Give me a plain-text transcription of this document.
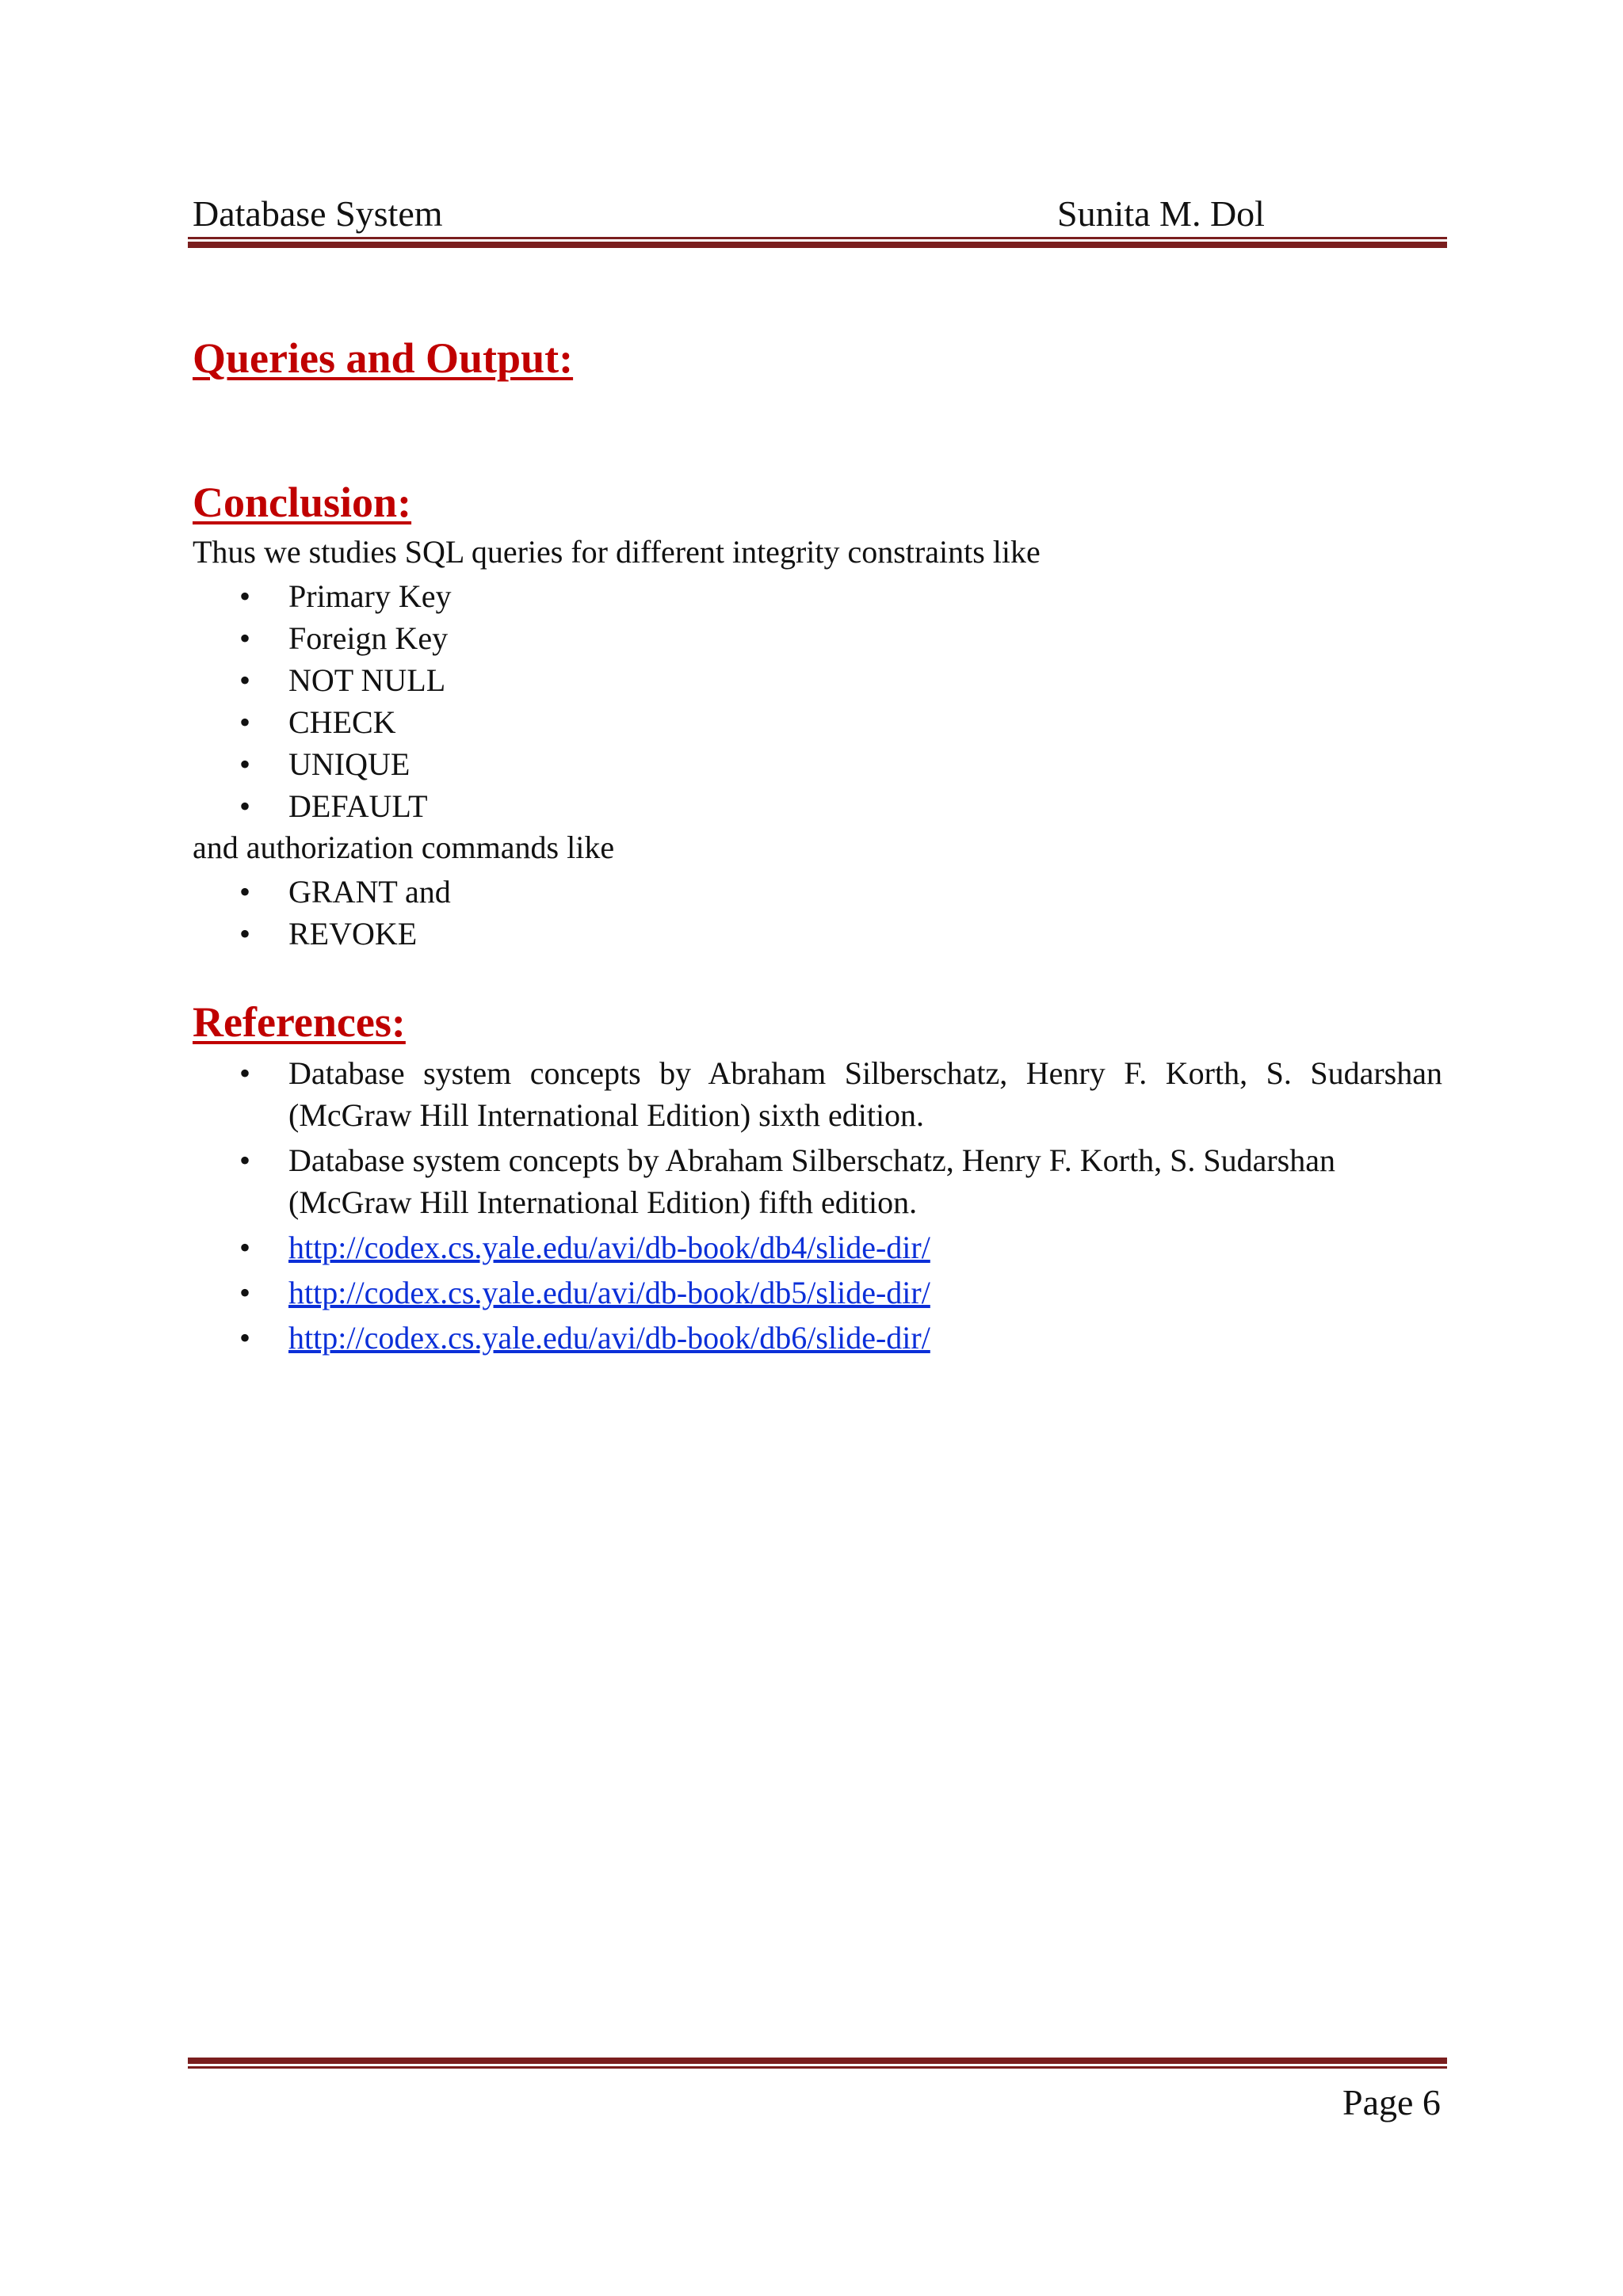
Database System	Sunita M. Dol
Queries and Output:
Conclusion:
Thus we studies SQL queries for different integrity constraints like
• Primary Key
• Foreign Key
• NOT NULL
• CHECK
• UNIQUE
• DEFAULT
and authorization commands like
• GRANT and
• REVOKE
References:
• Database system concepts by Abraham Silberschatz, Henry F. Korth, S. Sudarshan
(McGraw Hill International Edition) sixth edition.
• Database system concepts by Abraham Silberschatz, Henry F. Korth, S. Sudarshan
(McGraw Hill International Edition) fifth edition.
• http://codex.cs.yale.edu/avi/db-book/db4/slide-dir/
• http://codex.cs.yale.edu/avi/db-book/db5/slide-dir/
• http://codex.cs.yale.edu/avi/db-book/db6/slide-dir/
Page 6
